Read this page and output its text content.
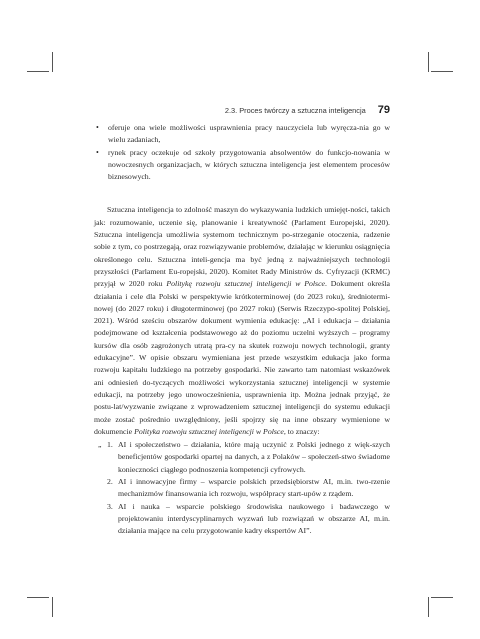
2.3. Proces twórczy a sztuczna inteligencja 79
• oferuje ona wiele możliwości usprawnienia pracy nauczyciela lub wyręcza-nia go w wielu zadaniach,
• rynek pracy oczekuje od szkoły przygotowania absolwentów do funkcjo-nowania w nowoczesnych organizacjach, w których sztuczna inteligencja jest elementem procesów biznesowych.

Sztuczna inteligencja to zdolność maszyn do wykazywania ludzkich umiejęt-ności, takich jak: rozumowanie, uczenie się, planowanie i kreatywność (Parlament Europejski, 2020). Sztuczna inteligencja umożliwia systemom technicznym po-strzeganie otoczenia, radzenie sobie z tym, co postrzegają, oraz rozwiązywanie problemów, działając w kierunku osiągnięcia określonego celu. Sztuczna inteli-gencja ma być jedną z najważniejszych technologii przyszłości (Parlament Eu-ropejski, 2020). Komitet Rady Ministrów ds. Cyfryzacji (KRMC) przyjął w 2020 roku Politykę rozwoju sztucznej inteligencji w Polsce. Dokument określa działania i cele dla Polski w perspektywie krótkoterminowej (do 2023 roku), średniotermi-nowej (do 2027 roku) i długoterminowej (po 2027 roku) (Serwis Rzeczypo-spolitej Polskiej, 2021). Wśród sześciu obszarów dokument wymienia edukację: „AI i edukacja – działania podejmowane od kształcenia podstawowego aż do poziomu uczelni wyższych – programy kursów dla osób zagrożonych utratą pra-cy na skutek rozwoju nowych technologii, granty edukacyjne”. W opisie obszaru wymieniana jest przede wszystkim edukacja jako forma rozwoju kapitału ludzkiego na potrzeby gospodarki. Nie zawarto tam natomiast wskazówek ani odniesień do-tyczących możliwości wykorzystania sztucznej inteligencji w systemie edukacji, na potrzeby jego unowocześnienia, usprawnienia itp. Można jednak przyjąć, że postu-lat/wyzwanie związane z wprowadzeniem sztucznej inteligencji do systemu edukacji może zostać pośrednio uwzględniony, jeśli spojrzy się na inne obszary wymienione w dokumencie Polityka rozwoju sztucznej inteligencji w Polsce, to znaczy:

„ 1. AI i społeczeństwo – działania, które mają uczynić z Polski jednego z więk-szych beneficjentów gospodarki opartej na danych, a z Polaków – społeczeń-stwo świadome konieczności ciągłego podnoszenia kompetencji cyfrowych.
2. AI i innowacyjne firmy – wsparcie polskich przedsiębiorstw AI, m.in. two-rzenie mechanizmów finansowania ich rozwoju, współpracy start-upów z rządem.
3. AI i nauka – wsparcie polskiego środowiska naukowego i badawczego w projektowaniu interdyscyplinarnych wyzwań lub rozwiązań w obszarze AI, m.in. działania mające na celu przygotowanie kadry ekspertów AI”.
